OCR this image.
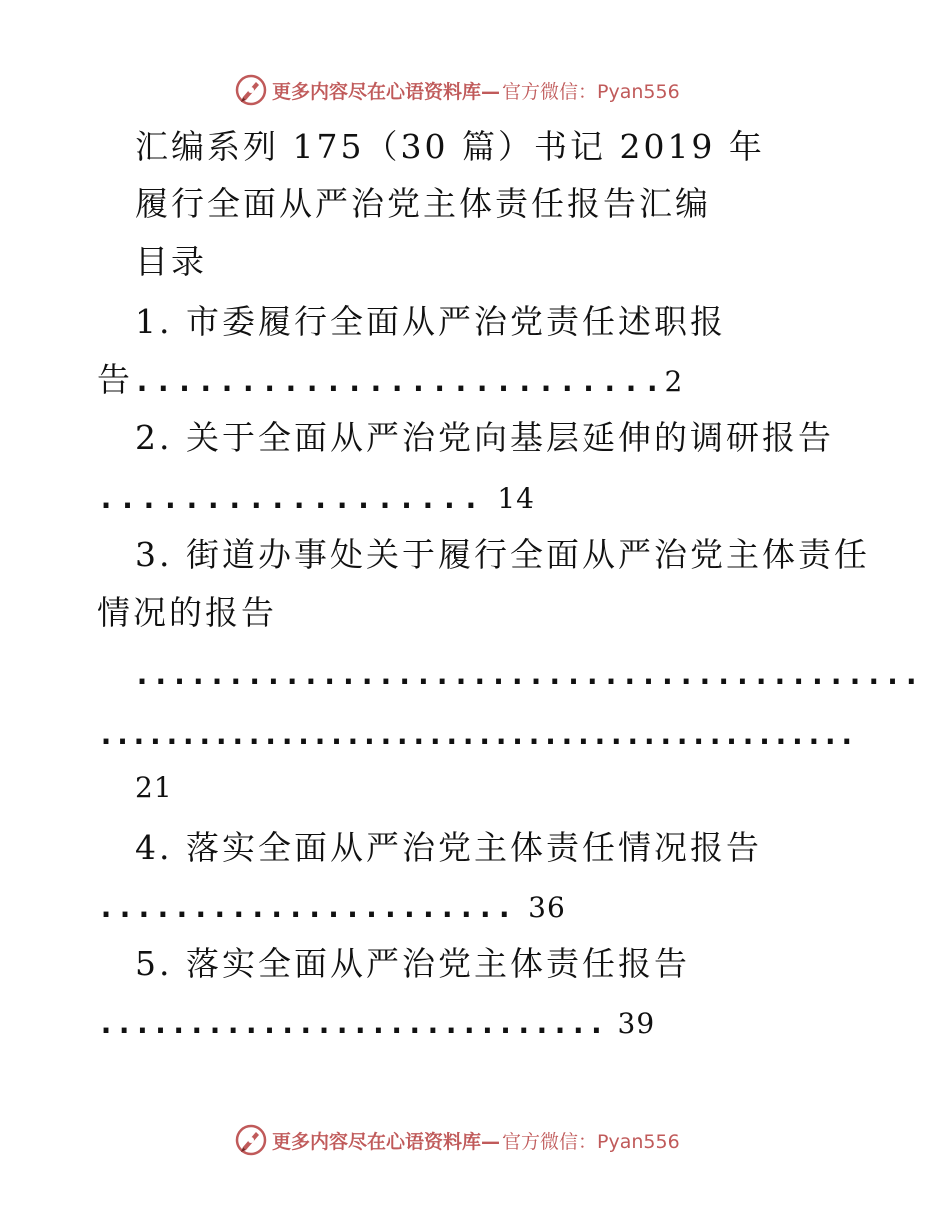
更多内容尽在心语资料库— 官方微信：Pyan556
汇编系列 175（30 篇）书记 2019 年
履行全面从严治党主体责任报告汇编
目录
1. 市委履行全面从严治党责任述职报
告.........................2
2. 关于全面从严治党向基层延伸的调研报告
.................. 14
3. 街道办事处关于履行全面从严治党主体责任
情况的报告
..........................................
..............................................
21
4. 落实全面从严治党主体责任情况报告
...................... 36
5. 落实全面从严治党主体责任报告
............................ 39
更多内容尽在心语资料库— 官方微信：Pyan556
